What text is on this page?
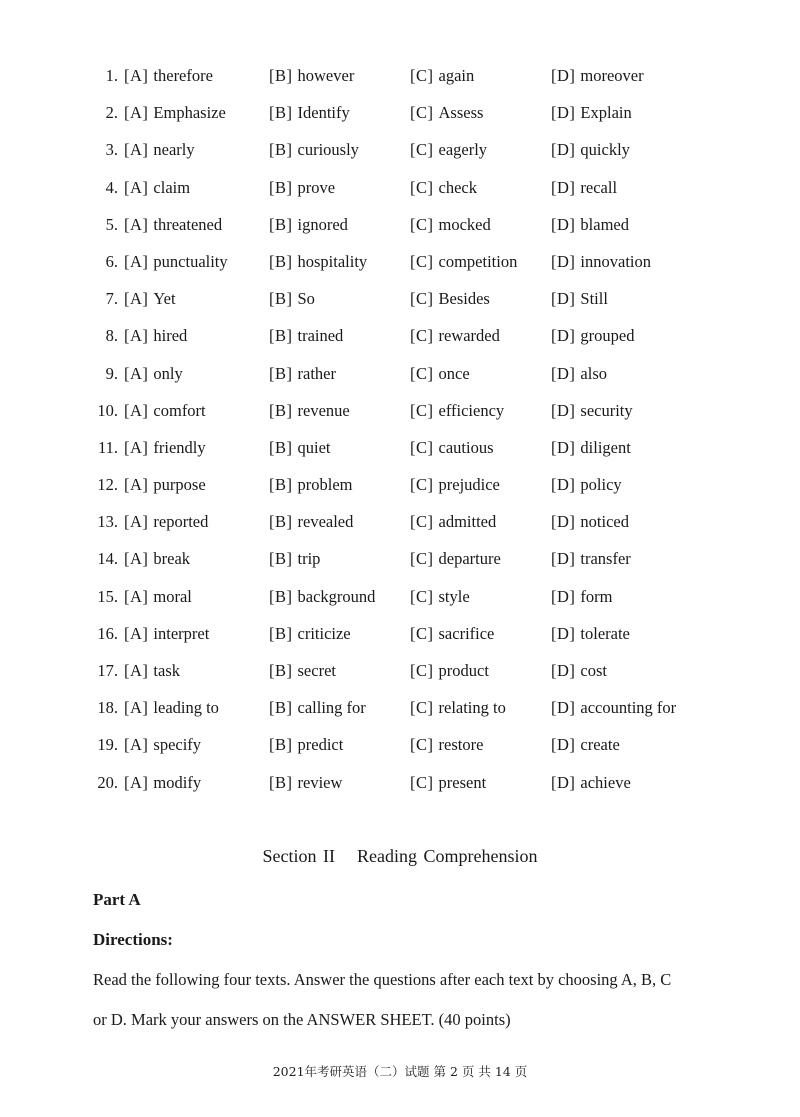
1. [A] therefore	[B] however	[C] again	[D] moreover
2. [A] Emphasize	[B] Identify	[C] Assess	[D] Explain
3. [A] nearly	[B] curiously	[C] eagerly	[D] quickly
4. [A] claim	[B] prove	[C] check	[D] recall
5. [A] threatened	[B] ignored	[C] mocked	[D] blamed
6. [A] punctuality	[B] hospitality	[C] competition [D] innovation
7. [A] Yet	[B] So	[C] Besides	[D] Still
8. [A] hired	[B] trained	[C] rewarded	[D] grouped
9. [A] only	[B] rather	[C] once	[D] also
10. [A] comfort	[B] revenue	[C] efficiency	[D] security
11. [A] friendly	[B] quiet	[C] cautious	[D] diligent
12. [A] purpose	[B] problem	[C] prejudice	[D] policy
13. [A] reported	[B] revealed	[C] admitted	[D] noticed
14. [A] break	[B] trip	[C] departure	[D] transfer
15. [A] moral	[B] background [C] style	[D] form
16. [A] interpret	[B] criticize	[C] sacrifice	[D] tolerate
17. [A] task	[B] secret	[C] product	[D] cost
18. [A] leading to	[B] calling for	[C] relating to	[D] accounting for
19. [A] specify	[B] predict	[C] restore	[D] create
20. [A] modify	[B] review	[C] present	[D] achieve
Section II Reading Comprehension
Part A
Directions:
Read the following four texts. Answer the questions after each text by choosing A, B, C
or D. Mark your answers on the ANSWER SHEET. (40 points)
2021年考研英语（二）试题 第 2 页 共 14 页
